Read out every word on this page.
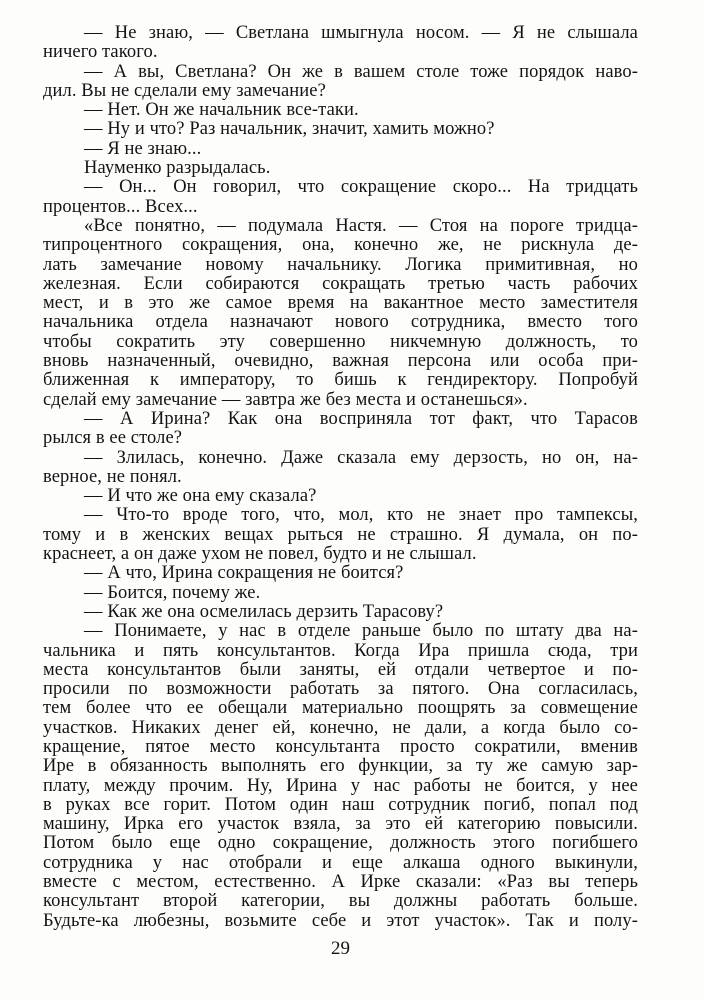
— Не знаю, — Светлана шмыгнула носом. — Я не слышала
ничего такого.
— А вы, Светлана? Он же в вашем столе тоже порядок наво-
дил. Вы не сделали ему замечание?
— Нет. Он же начальник все-таки.
— Ну и что? Раз начальник, значит, хамить можно?
— Я не знаю...
Науменко разрыдалась.
— Он... Он говорил, что сокращение скоро... На тридцать
процентов... Всех...
«Все понятно, — подумала Настя. — Стоя на пороге тридца-
типроцентного сокращения, она, конечно же, не рискнула де-
лать замечание новому начальнику. Логика примитивная, но
железная. Если собираются сокращать третью часть рабочих
мест, и в это же самое время на вакантное место заместителя
начальника отдела назначают нового сотрудника, вместо того
чтобы сократить эту совершенно никчемную должность, то
вновь назначенный, очевидно, важная персона или особа при-
ближенная к императору, то бишь к гендиректору. Попробуй
сделай ему замечание — завтра же без места и останешься».
— А Ирина? Как она восприняла тот факт, что Тарасов
рылся в ее столе?
— Злилась, конечно. Даже сказала ему дерзость, но он, на-
верное, не понял.
— И что же она ему сказала?
— Что-то вроде того, что, мол, кто не знает про тампексы,
тому и в женских вещах рыться не страшно. Я думала, он по-
краснеет, а он даже ухом не повел, будто и не слышал.
— А что, Ирина сокращения не боится?
— Боится, почему же.
— Как же она осмелилась дерзить Тарасову?
— Понимаете, у нас в отделе раньше было по штату два на-
чальника и пять консультантов. Когда Ира пришла сюда, три
места консультантов были заняты, ей отдали четвертое и по-
просили по возможности работать за пятого. Она согласилась,
тем более что ее обещали материально поощрять за совмещение
участков. Никаких денег ей, конечно, не дали, а когда было со-
кращение, пятое место консультанта просто сократили, вменив
Ире в обязанность выполнять его функции, за ту же самую зар-
плату, между прочим. Ну, Ирина у нас работы не боится, у нее
в руках все горит. Потом один наш сотрудник погиб, попал под
машину, Ирка его участок взяла, за это ей категорию повысили.
Потом было еще одно сокращение, должность этого погибшего
сотрудника у нас отобрали и еще алкаша одного выкинули,
вместе с местом, естественно. А Ирке сказали: «Раз вы теперь
консультант второй категории, вы должны работать больше.
Будьте-ка любезны, возьмите себе и этот участок». Так и полу-
29
